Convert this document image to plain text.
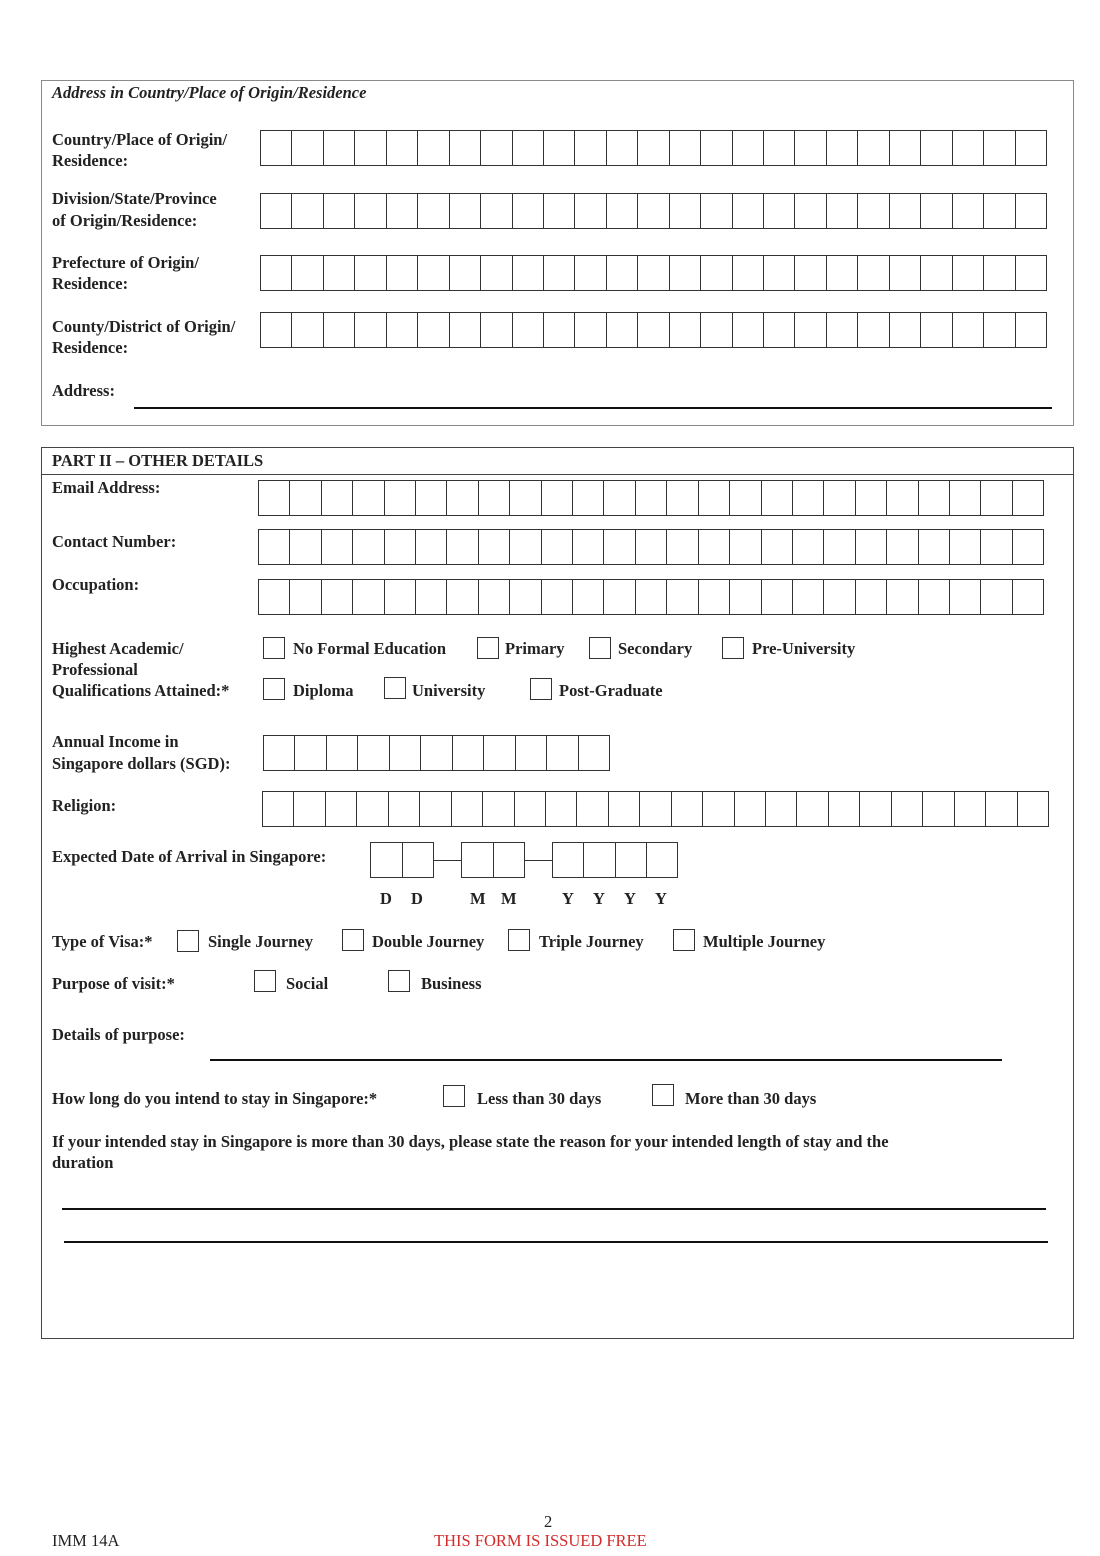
Address in Country/Place of Origin/Residence
Country/Place of Origin/
Residence:
Division/State/Province
of Origin/Residence:
Prefecture of Origin/
Residence:
County/District of Origin/
Residence:
Address:
PART II – OTHER DETAILS
Email Address:
Contact Number:
Occupation:
Highest Academic/
Professional
Qualifications Attained:*
No Formal Education	Primary	Secondary	Pre-University
Diploma	University	Post-Graduate
Annual Income in
Singapore dollars (SGD):
Religion:
Expected Date of Arrival in Singapore:
D D	M M	Y Y Y Y
Type of Visa:*	Single Journey	Double Journey	Triple Journey	Multiple Journey
Purpose of visit:*	Social	Business
Details of purpose:
How long do you intend to stay in Singapore:*	Less than 30 days	More than 30 days
If your intended stay in Singapore is more than 30 days, please state the reason for your intended length of stay and the
duration
2
IMM 14A	THIS FORM IS ISSUED FREE
